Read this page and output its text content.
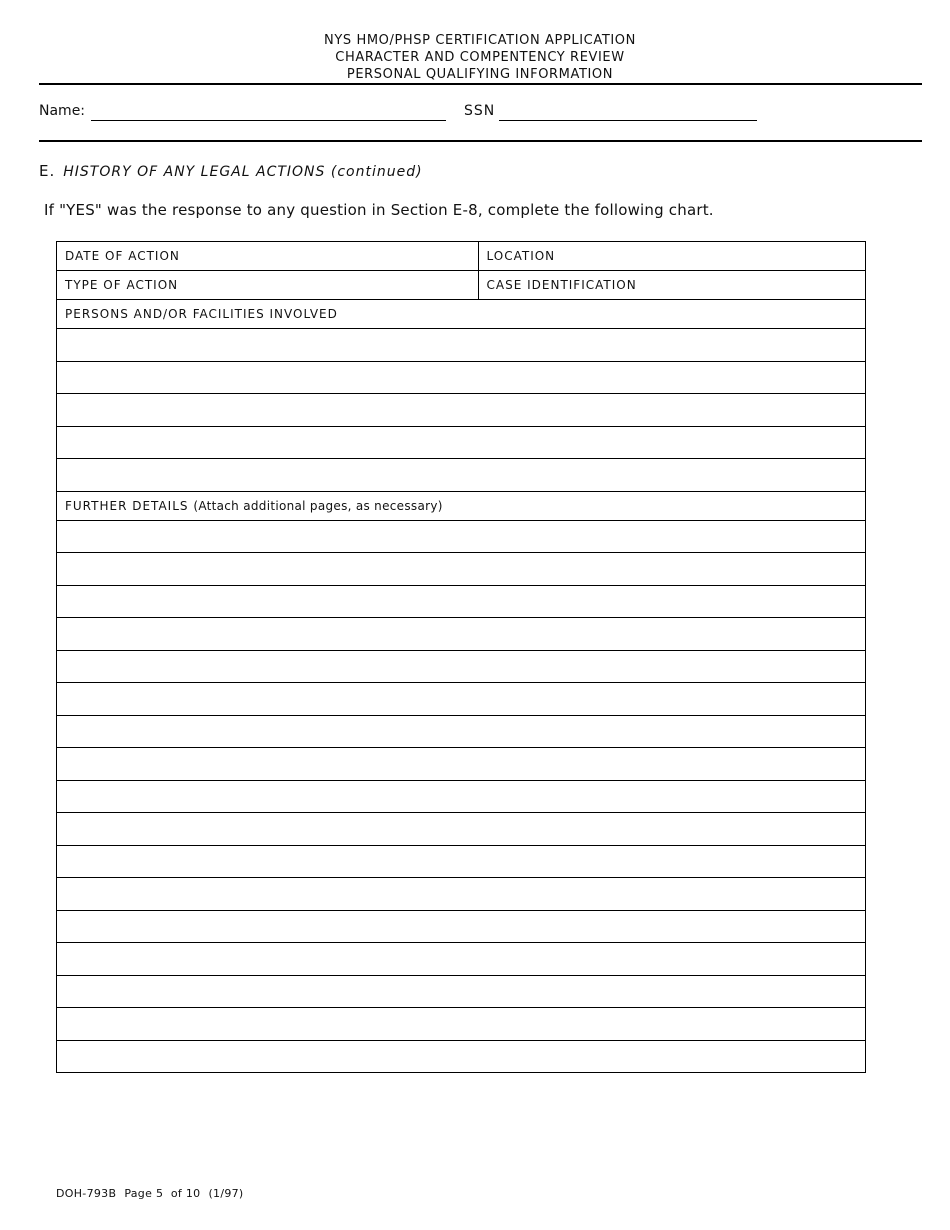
NYS HMO/PHSP CERTIFICATION APPLICATION
CHARACTER AND COMPENTENCY REVIEW
PERSONAL QUALIFYING INFORMATION
Name:	SSN
E. HISTORY OF ANY LEGAL ACTIONS (continued)
If "YES" was the response to any question in Section E-8, complete the following chart.
DATE OF ACTION	LOCATION
TYPE OF ACTION	CASE IDENTIFICATION
PERSONS AND/OR FACILITIES INVOLVED	

FURTHER DETAILS (Attach additional pages, as necessary)	

DOH-793B Page 5  of 10 (1/97)
